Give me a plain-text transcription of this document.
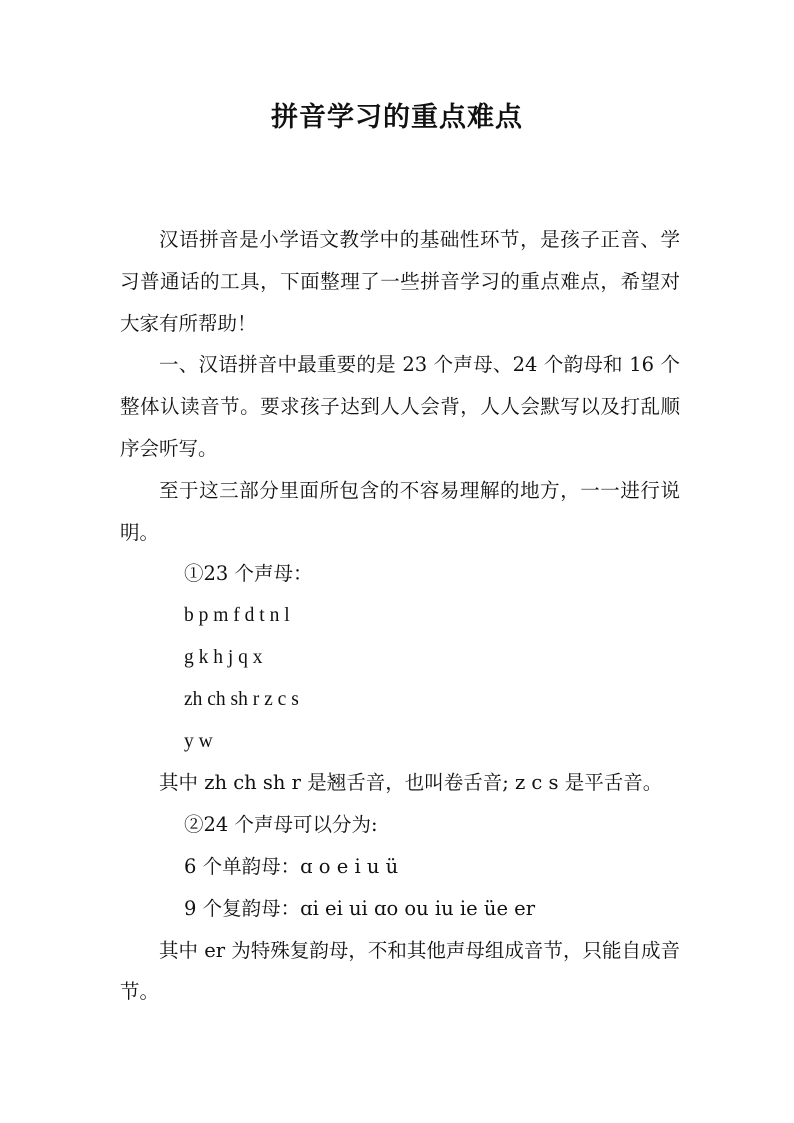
拼音学习的重点难点

汉语拼音是小学语文教学中的基础性环节，是孩子正音、学习普通话的工具，下面整理了一些拼音学习的重点难点，希望对大家有所帮助！

一、汉语拼音中最重要的是 23 个声母、24 个韵母和 16 个整体认读音节。要求孩子达到人人会背，人人会默写以及打乱顺序会听写。

至于这三部分里面所包含的不容易理解的地方，一一进行说明。

①23 个声母：

b p m f d t n l

g k h j q x

zh ch sh r z c s

y w

其中 zh ch sh r 是翘舌音，也叫卷舌音; z c s 是平舌音。

②24 个声母可以分为:

6 个单韵母：ɑ o e i u ü

9 个复韵母：ɑi ei ui ɑo ou iu ie üe er

其中 er 为特殊复韵母，不和其他声母组成音节，只能自成音节。
